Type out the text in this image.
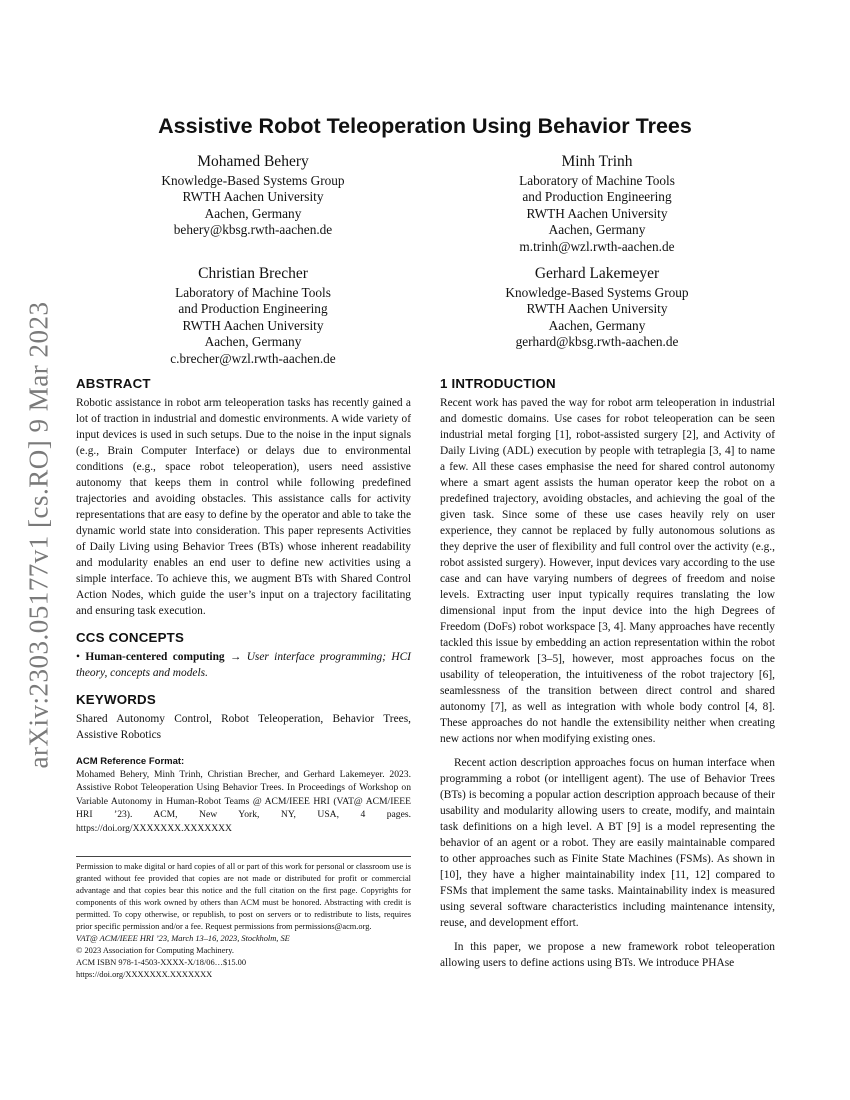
arXiv:2303.05177v1 [cs.RO] 9 Mar 2023
Assistive Robot Teleoperation Using Behavior Trees
Mohamed Behery
Knowledge-Based Systems Group
RWTH Aachen University
Aachen, Germany
behery@kbsg.rwth-aachen.de
Minh Trinh
Laboratory of Machine Tools
and Production Engineering
RWTH Aachen University
Aachen, Germany
m.trinh@wzl.rwth-aachen.de
Christian Brecher
Laboratory of Machine Tools
and Production Engineering
RWTH Aachen University
Aachen, Germany
c.brecher@wzl.rwth-aachen.de
Gerhard Lakemeyer
Knowledge-Based Systems Group
RWTH Aachen University
Aachen, Germany
gerhard@kbsg.rwth-aachen.de
ABSTRACT

Robotic assistance in robot arm teleoperation tasks has recently gained a lot of traction in industrial and domestic environments. A wide variety of input devices is used in such setups. Due to the noise in the input signals (e.g., Brain Computer Interface) or delays due to environmental conditions (e.g., space robot teleoperation), users need assistive autonomy that keeps them in control while following predefined trajectories and avoiding obstacles. This assistance calls for activity representations that are easy to define by the operator and able to take the dynamic world state into consideration. This paper represents Activities of Daily Living using Behavior Trees (BTs) whose inherent readability and modularity enables an end user to define new activities using a simple interface. To achieve this, we augment BTs with Shared Control Action Nodes, which guide the user’s input on a trajectory facilitating and ensuring task execution.

CCS CONCEPTS

• Human-centered computing → User interface programming; HCI theory, concepts and models.

KEYWORDS

Shared Autonomy Control, Robot Teleoperation, Behavior Trees, Assistive Robotics

ACM Reference Format:
Mohamed Behery, Minh Trinh, Christian Brecher, and Gerhard Lakemeyer. 2023. Assistive Robot Teleoperation Using Behavior Trees. In Proceedings of Workshop on Variable Autonomy in Human-Robot Teams @ ACM/IEEE HRI (VAT@ ACM/IEEE HRI ’23). ACM, New York, NY, USA, 4 pages. https://doi.org/XXXXXXX.XXXXXXX

Permission to make digital or hard copies of all or part of this work for personal or classroom use is granted without fee provided that copies are not made or distributed for profit or commercial advantage and that copies bear this notice and the full citation on the first page. Copyrights for components of this work owned by others than ACM must be honored. Abstracting with credit is permitted. To copy otherwise, or republish, to post on servers or to redistribute to lists, requires prior specific permission and/or a fee. Request permissions from permissions@acm.org.

VAT@ ACM/IEEE HRI ’23, March 13–16, 2023, Stockholm, SE

© 2023 Association for Computing Machinery.

ACM ISBN 978-1-4503-XXXX-X/18/06…$15.00

https://doi.org/XXXXXXX.XXXXXXX

1 INTRODUCTION

Recent work has paved the way for robot arm teleoperation in industrial and domestic domains. Use cases for robot teleoperation can be seen industrial metal forging [1], robot-assisted surgery [2], and Activity of Daily Living (ADL) execution by people with tetraplegia [3, 4] to name a few. All these cases emphasise the need for shared control autonomy where a smart agent assists the human operator keep the robot on a predefined trajectory, avoiding obstacles, and achieving the goal of the given task. Since some of these use cases heavily rely on user experience, they cannot be replaced by fully autonomous solutions as they deprive the user of flexibility and full control over the activity (e.g., robot assisted surgery). However, input devices vary according to the use case and can have varying numbers of degrees of freedom and noise levels. Extracting user input typically requires translating the low dimensional input from the input device into the high Degrees of Freedom (DoFs) robot workspace [3, 4]. Many approaches have recently tackled this issue by embedding an action representation within the robot control framework [3–5], however, most approaches focus on the usability of teleoperation, the intuitiveness of the robot trajectory [6], seamlessness of the transition between direct control and shared autonomy [7], as well as integration with whole body control [4, 8]. These approaches do not handle the extensibility neither when creating new actions nor when modifying existing ones.

Recent action description approaches focus on human interface when programming a robot (or intelligent agent). The use of Behavior Trees (BTs) is becoming a popular action description approach because of their usability and modularity allowing users to create, modify, and maintain task definitions on a high level. A BT [9] is a model representing the behavior of an agent or a robot. They are easily maintainable compared to other approaches such as Finite State Machines (FSMs). As shown in [10], they have a higher maintainability index [11, 12] compared to FSMs that implement the same tasks. Maintainability index is measured using several software characteristics including maintenance intensity, reuse, and development effort.

In this paper, we propose a new framework robot teleoperation allowing users to define actions using BTs. We introduce PHAse
